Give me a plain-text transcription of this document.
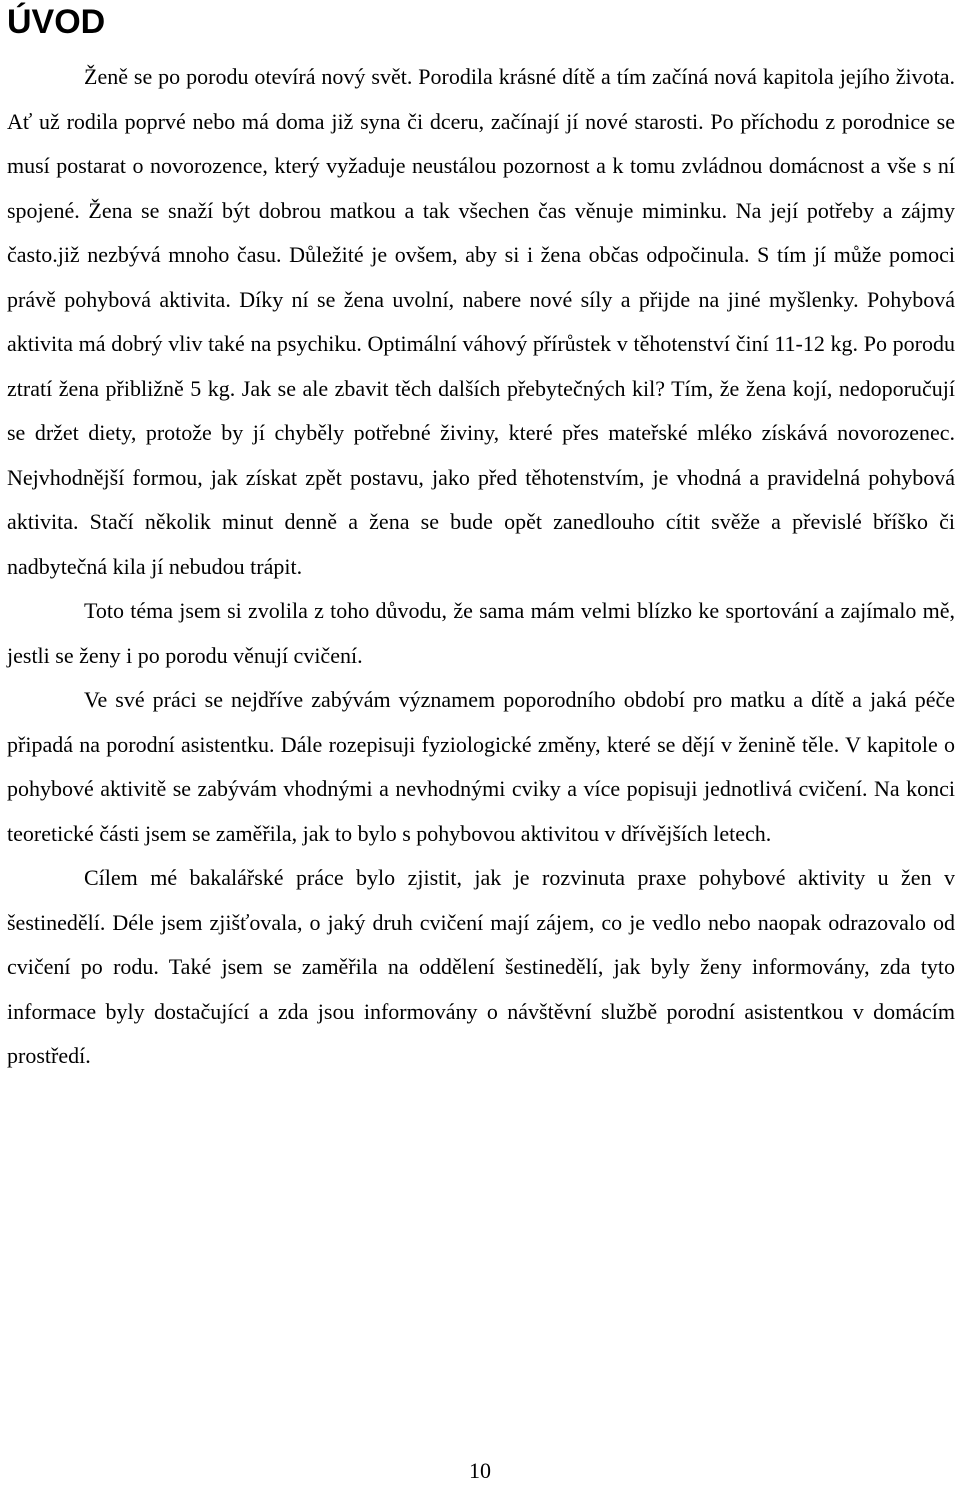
ÚVOD

Ženě se po porodu otevírá nový svět. Porodila krásné dítě a tím začíná nová kapitola jejího života. Ať už rodila poprvé nebo má doma již syna či dceru, začínají jí nové starosti. Po příchodu z porodnice se musí postarat o novorozence, který vyžaduje neustálou pozornost a k tomu zvládnou domácnost a vše s ní spojené. Žena se snaží být dobrou matkou a tak všechen čas věnuje miminku. Na její potřeby a zájmy často.již nezbývá mnoho času. Důležité je ovšem, aby si i žena občas odpočinula. S tím jí může pomoci právě pohybová aktivita. Díky ní se žena uvolní, nabere nové síly a přijde na jiné myšlenky. Pohybová aktivita má dobrý vliv také na psychiku. Optimální váhový přírůstek v těhotenství činí 11-12 kg. Po porodu ztratí žena přibližně 5 kg. Jak se ale zbavit těch dalších přebytečných kil? Tím, že žena kojí, nedoporučují se držet diety, protože by jí chyběly potřebné živiny, které přes mateřské mléko získává novorozenec. Nejvhodnější formou, jak získat zpět postavu, jako před těhotenstvím, je vhodná a pravidelná pohybová aktivita. Stačí několik minut denně a žena se bude opět zanedlouho cítit svěže a převislé bříško či nadbytečná kila jí nebudou trápit.

Toto téma jsem si zvolila z toho důvodu, že sama mám velmi blízko ke sportování a zajímalo mě, jestli se ženy i po porodu věnují cvičení.

Ve své práci se nejdříve zabývám významem poporodního období pro matku a dítě a jaká péče připadá na porodní asistentku. Dále rozepisuji fyziologické změny, které se dějí v ženině těle. V kapitole o pohybové aktivitě se zabývám vhodnými a nevhodnými cviky a více popisuji jednotlivá cvičení. Na konci teoretické části jsem se zaměřila, jak to bylo s pohybovou aktivitou v dřívějších letech.

Cílem mé bakalářské práce bylo zjistit, jak je rozvinuta praxe pohybové aktivity u žen v šestinedělí. Déle jsem zjišťovala, o jaký druh cvičení mají zájem, co je vedlo nebo naopak odrazovalo od cvičení po rodu. Také jsem se zaměřila na oddělení šestinedělí, jak byly ženy informovány, zda tyto informace byly dostačující a zda jsou informovány o návštěvní službě porodní asistentkou v domácím prostředí.

10
